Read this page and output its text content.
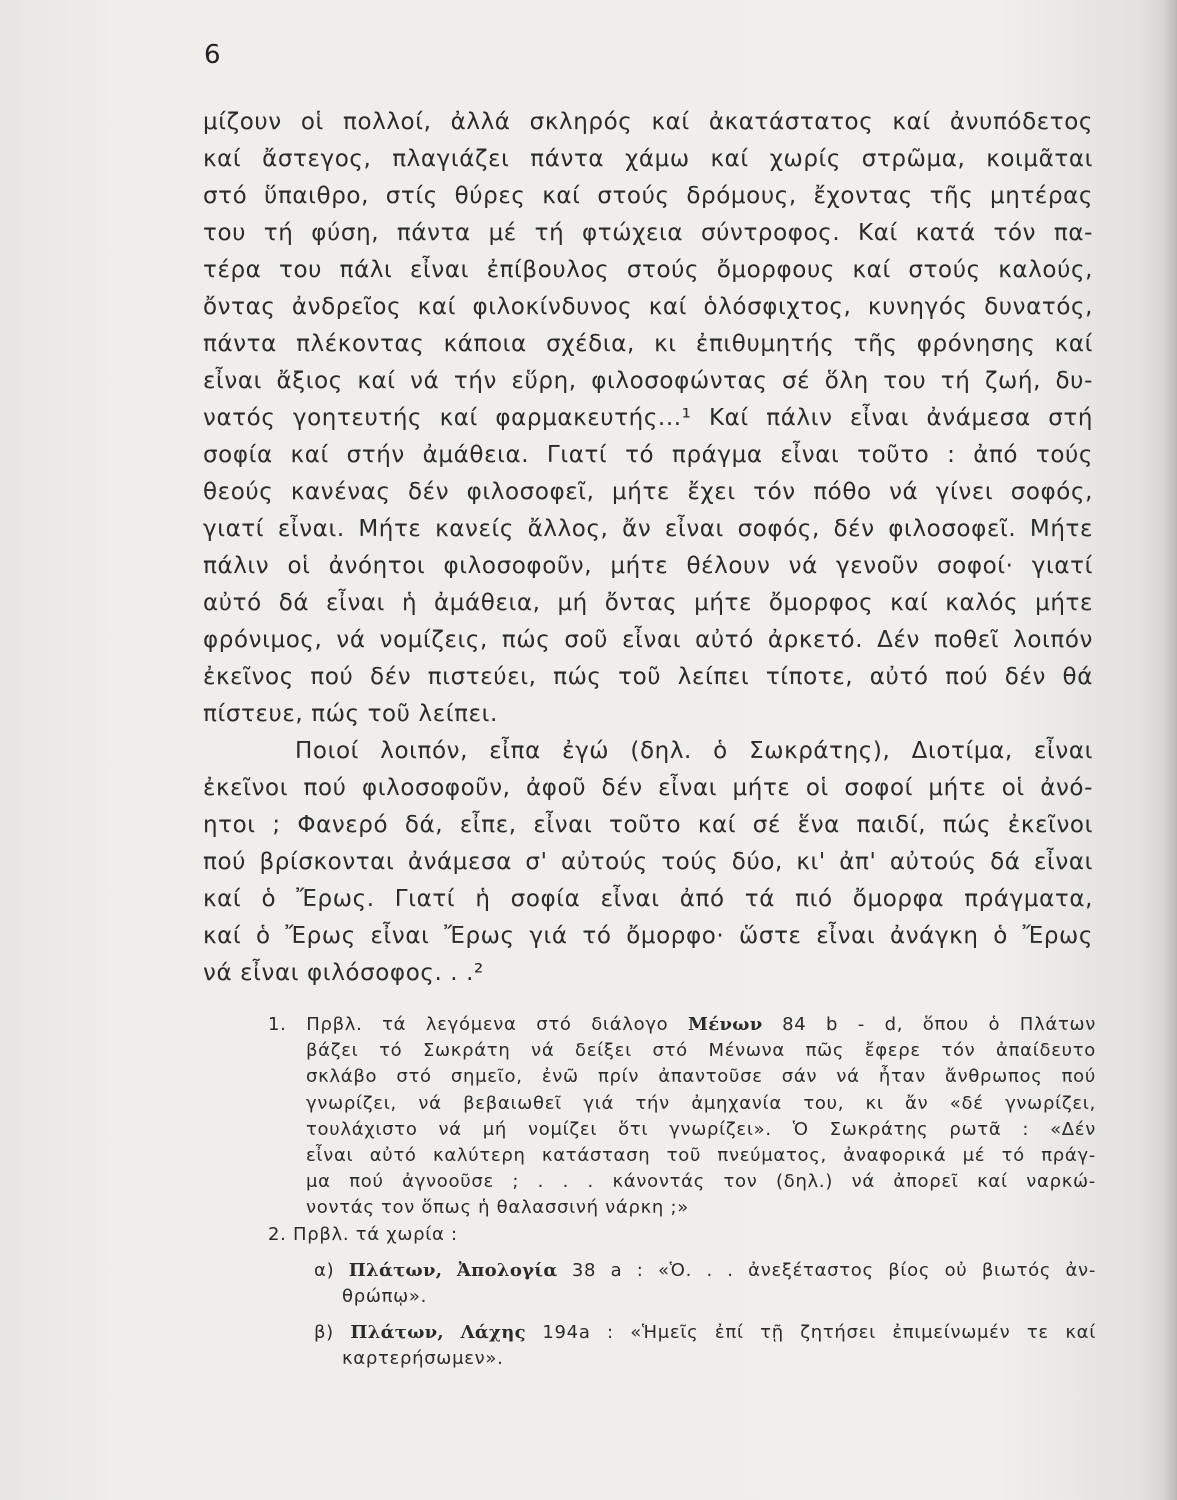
6
μίζουν οἱ πολλοί, ἀλλά σκληρός καί ἀκατάστατος καί ἀνυπόδετος
καί ἄστεγος, πλαγιάζει πάντα χάμω καί χωρίς στρῶμα, κοιμᾶται
στό ὕπαιθρο, στίς θύρες καί στούς δρόμους, ἔχοντας τῆς μητέρας
του τή φύση, πάντα μέ τή φτώχεια σύντροφος. Καί κατά τόν πα-
τέρα του πάλι εἶναι ἐπίβουλος στούς ὄμορφους καί στούς καλούς,
ὄντας ἀνδρεῖος καί φιλοκίνδυνος καί ὁλόσφιχτος, κυνηγός δυνατός,
πάντα πλέκοντας κάποια σχέδια, κι ἐπιθυμητής τῆς φρόνησης καί
εἶναι ἄξιος καί νά τήν εὕρη, φιλοσοφώντας σέ ὅλη του τή ζωή, δυ-
νατός γοητευτής καί φαρμακευτής...¹ Καί πάλιν εἶναι ἀνάμεσα στή
σοφία καί στήν ἀμάθεια. Γιατί τό πράγμα εἶναι τοῦτο : ἀπό τούς
θεούς κανένας δέν φιλοσοφεῖ, μήτε ἔχει τόν πόθο νά γίνει σοφός,
γιατί εἶναι. Μήτε κανείς ἄλλος, ἄν εἶναι σοφός, δέν φιλοσοφεῖ. Μήτε
πάλιν οἱ ἀνόητοι φιλοσοφοῦν, μήτε θέλουν νά γενοῦν σοφοί· γιατί
αὐτό δά εἶναι ἡ ἀμάθεια, μή ὄντας μήτε ὄμορφος καί καλός μήτε
φρόνιμος, νά νομίζεις, πώς σοῦ εἶναι αὐτό ἀρκετό. Δέν ποθεῖ λοιπόν
ἐκεῖνος πού δέν πιστεύει, πώς τοῦ λείπει τίποτε, αὐτό πού δέν θά
πίστευε, πώς τοῦ λείπει.
Ποιοί λοιπόν, εἶπα ἐγώ (δηλ. ὁ Σωκράτης), Διοτίμα, εἶναι
ἐκεῖνοι πού φιλοσοφοῦν, ἀφοῦ δέν εἶναι μήτε οἱ σοφοί μήτε οἱ ἀνό-
ητοι ; Φανερό δά, εἶπε, εἶναι τοῦτο καί σέ ἕνα παιδί, πώς ἐκεῖνοι
πού βρίσκονται ἀνάμεσα σ' αὐτούς τούς δύο, κι' ἀπ' αὐτούς δά εἶναι
καί ὁ Ἔρως. Γιατί ἡ σοφία εἶναι ἀπό τά πιό ὄμορφα πράγματα,
καί ὁ Ἔρως εἶναι Ἔρως γιά τό ὄμορφο· ὥστε εἶναι ἀνάγκη ὁ Ἔρως
νά εἶναι φιλόσοφος. . .²
1. Πρβλ. τά λεγόμενα στό διάλογο Μένων 84 b - d, ὅπου ὁ Πλάτων
βάζει τό Σωκράτη νά δείξει στό Μένωνα πῶς ἔφερε τόν ἀπαίδευτο
σκλάβο στό σημεῖο, ἐνῶ πρίν ἀπαντοῦσε σάν νά ἦταν ἄνθρωπος πού
γνωρίζει, νά βεβαιωθεῖ γιά τήν ἀμηχανία του, κι ἄν «δέ γνωρίζει,
τουλάχιστο νά μή νομίζει ὅτι γνωρίζει». Ὁ Σωκράτης ρωτᾶ : «Δέν
εἶναι αὐτό καλύτερη κατάσταση τοῦ πνεύματος, ἀναφορικά μέ τό πράγ-
μα πού ἀγνοοῦσε ; . . . κάνοντάς τον (δηλ.) νά ἀπορεῖ καί ναρκώ-
νοντάς τον ὅπως ἡ θαλασσινή νάρκη ;»
2. Πρβλ. τά χωρία :
α) Πλάτων, Ἀπολογία 38 a : «Ὁ. . . ἀνεξέταστος βίος οὐ βιωτός ἀν-
θρώπῳ».
β) Πλάτων, Λάχης 194a : «Ἡμεῖς ἐπί τῇ ζητήσει ἐπιμείνωμέν τε καί
καρτερήσωμεν».
